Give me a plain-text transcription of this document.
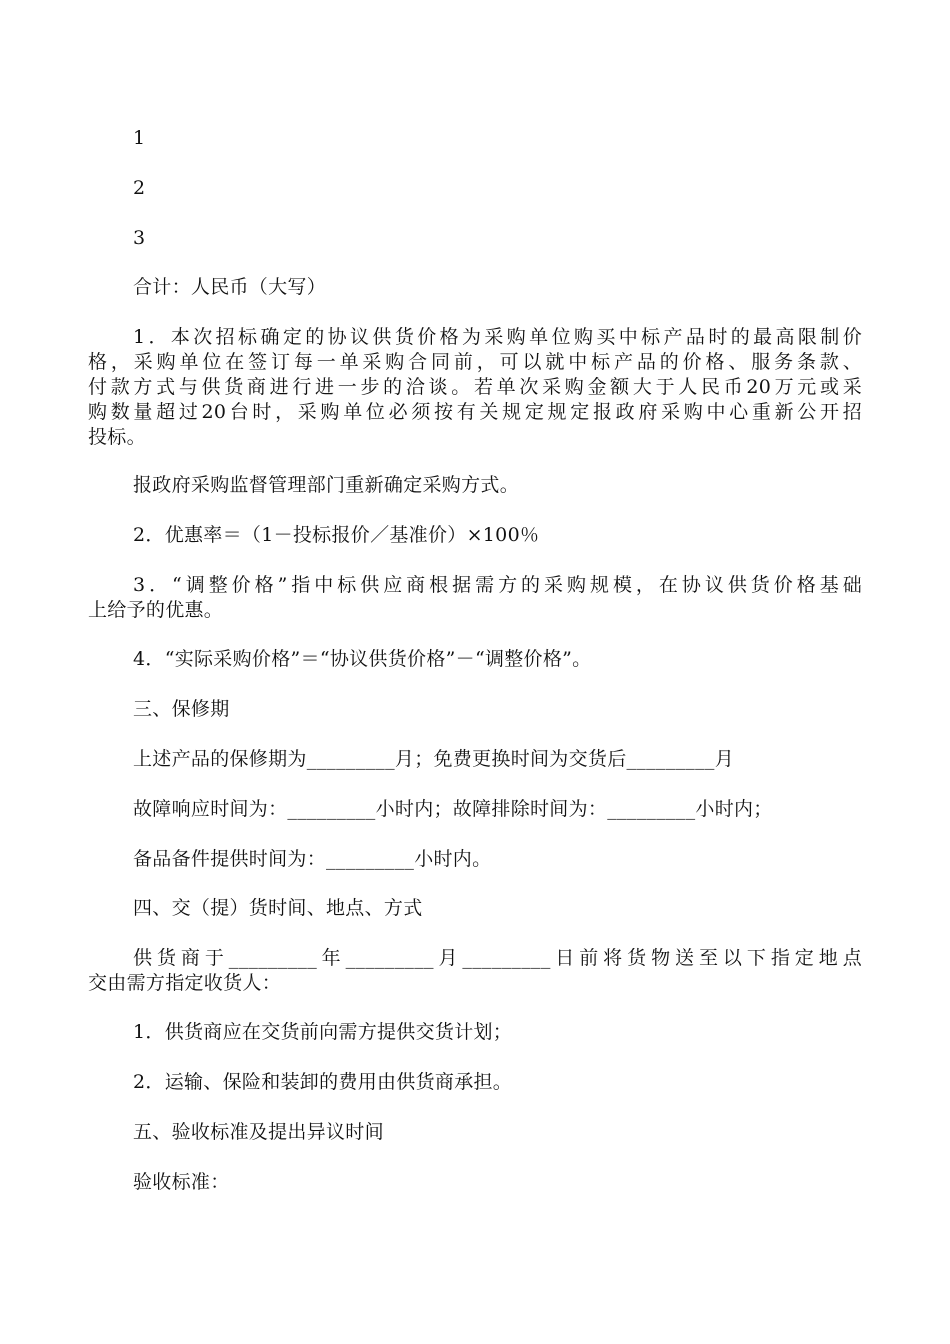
1
2
3
合计：人民币（大写）
1．本次招标确定的协议供货价格为采购单位购买中标产品时的最高限制价
格，采购单位在签订每一单采购合同前，可以就中标产品的价格、服务条款、
付款方式与供货商进行进一步的洽谈。若单次采购金额大于人民币20万元或采
购数量超过20台时，采购单位必须按有关规定规定报政府采购中心重新公开招
投标。
报政府采购监督管理部门重新确定采购方式。
2．优惠率＝（1－投标报价／基准价）×100％
3．“调整价格”指中标供应商根据需方的采购规模，在协议供货价格基础
上给予的优惠。
4．“实际采购价格”＝“协议供货价格”－“调整价格”。
三、保修期
上述产品的保修期为_________月；免费更换时间为交货后_________月
故障响应时间为：_________小时内；故障排除时间为：_________小时内；
备品备件提供时间为：_________小时内。
四、交（提）货时间、地点、方式
供货商于_________年_________月_________日前将货物送至以下指定地点
交由需方指定收货人：
1．供货商应在交货前向需方提供交货计划；
2．运输、保险和装卸的费用由供货商承担。
五、验收标准及提出异议时间
验收标准：
